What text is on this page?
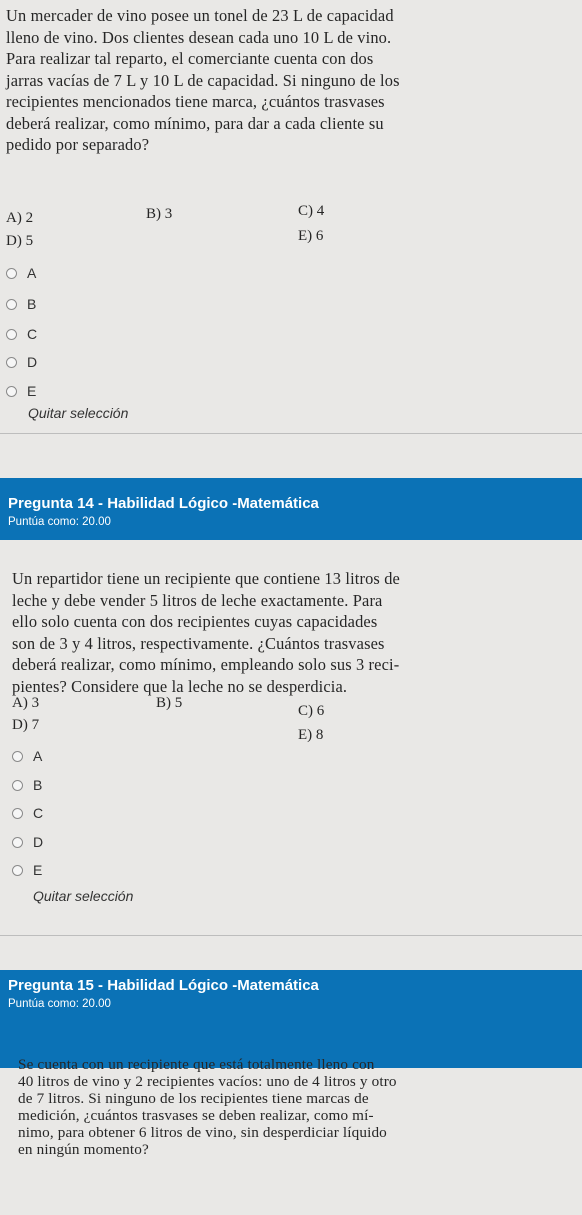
Un mercader de vino posee un tonel de 23 L de capacidad
lleno de vino. Dos clientes desean cada uno 10 L de vino.
Para realizar tal reparto, el comerciante cuenta con dos
jarras vacías de 7 L y 10 L de capacidad. Si ninguno de los
recipientes mencionados tiene marca, ¿cuántos trasvases
deberá realizar, como mínimo, para dar a cada cliente su
pedido por separado?

A) 2	B) 3	C) 4
D) 5	E) 6
A
B
C
D
E
Quitar selección
Pregunta 14 - Habilidad Lógico -Matemática
Puntúa como: 20.00

Un repartidor tiene un recipiente que contiene 13 litros de
leche y debe vender 5 litros de leche exactamente. Para
ello solo cuenta con dos recipientes cuyas capacidades
son de 3 y 4 litros, respectivamente. ¿Cuántos trasvases
deberá realizar, como mínimo, empleando solo sus 3 reci-
pientes? Considere que la leche no se desperdicia.

A) 3	B) 5	C) 6
D) 7
E) 8
A
B
C
D
E
Quitar selección
Pregunta 15 - Habilidad Lógico -Matemática
Puntúa como: 20.00

Se cuenta con un recipiente que está totalmente lleno con
40 litros de vino y 2 recipientes vacíos: uno de 4 litros y otro
de 7 litros. Si ninguno de los recipientes tiene marcas de
medición, ¿cuántos trasvases se deben realizar, como mí-
nimo, para obtener 6 litros de vino, sin desperdiciar líquido
en ningún momento?
